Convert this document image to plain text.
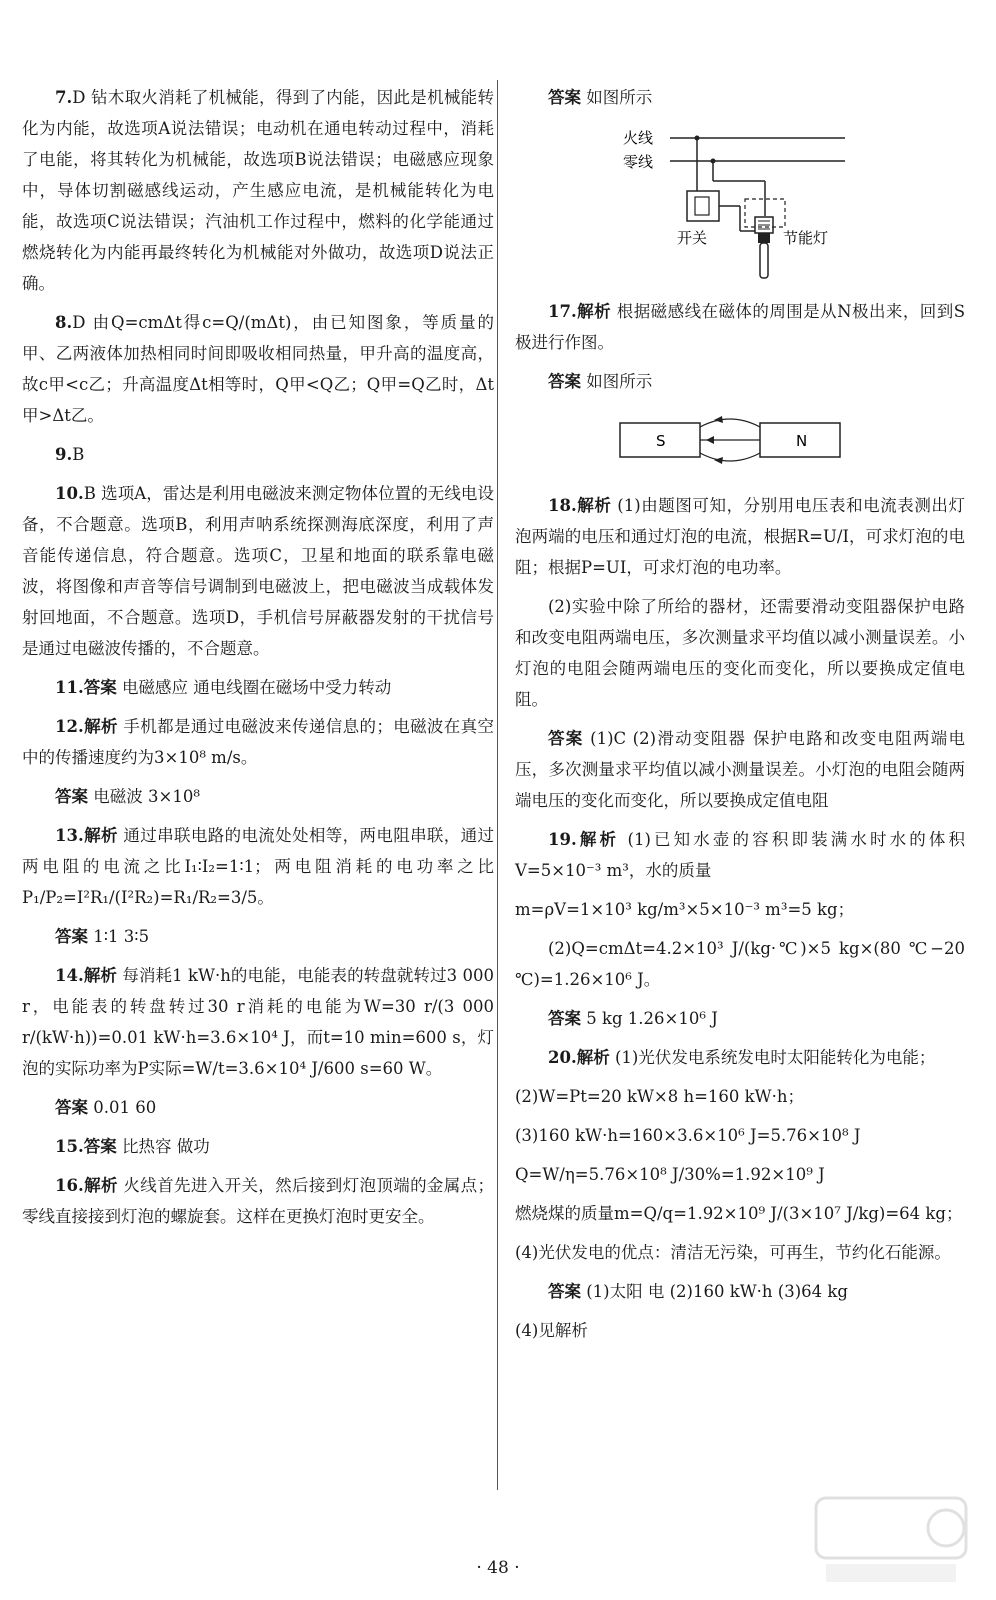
7.D 钻木取火消耗了机械能，得到了内能，因此是机械能转化为内能，故选项A说法错误；电动机在通电转动过程中，消耗了电能，将其转化为机械能，故选项B说法错误；电磁感应现象中，导体切割磁感线运动，产生感应电流，是机械能转化为电能，故选项C说法错误；汽油机工作过程中，燃料的化学能通过燃烧转化为内能再最终转化为机械能对外做功，故选项D说法正确。

8.D 由Q=cmΔt得c=Q/(mΔt)，由已知图象，等质量的甲、乙两液体加热相同时间即吸收相同热量，甲升高的温度高，故c甲<c乙；升高温度Δt相等时，Q甲<Q乙；Q甲=Q乙时，Δt甲>Δt乙。

9.B

10.B 选项A，雷达是利用电磁波来测定物体位置的无线电设备，不合题意。选项B，利用声呐系统探测海底深度，利用了声音能传递信息，符合题意。选项C，卫星和地面的联系靠电磁波，将图像和声音等信号调制到电磁波上，把电磁波当成载体发射回地面，不合题意。选项D，手机信号屏蔽器发射的干扰信号是通过电磁波传播的，不合题意。

11.答案 电磁感应 通电线圈在磁场中受力转动

12.解析 手机都是通过电磁波来传递信息的；电磁波在真空中的传播速度约为3×10⁸ m/s。

答案 电磁波 3×10⁸

13.解析 通过串联电路的电流处处相等，两电阻串联，通过两电阻的电流之比I₁∶I₂=1∶1；两电阻消耗的电功率之比P₁/P₂=I²R₁/(I²R₂)=R₁/R₂=3/5。

答案 1∶1 3∶5

14.解析 每消耗1 kW·h的电能，电能表的转盘就转过3 000 r，电能表的转盘转过30 r消耗的电能为W=30 r/(3 000 r/(kW·h))=0.01 kW·h=3.6×10⁴ J，而t=10 min=600 s，灯泡的实际功率为P实际=W/t=3.6×10⁴ J/600 s=60 W。

答案 0.01 60

15.答案 比热容 做功

16.解析 火线首先进入开关，然后接到灯泡顶端的金属点；零线直接接到灯泡的螺旋套。这样在更换灯泡时更安全。

答案 如图所示

火线
零线
开关	节能灯

17.解析 根据磁感线在磁体的周围是从N极出来，回到S极进行作图。

答案 如图所示

S	N

18.解析 (1)由题图可知，分别用电压表和电流表测出灯泡两端的电压和通过灯泡的电流，根据R=U/I，可求灯泡的电阻；根据P=UI，可求灯泡的电功率。

(2)实验中除了所给的器材，还需要滑动变阻器保护电路和改变电阻两端电压，多次测量求平均值以减小测量误差。小灯泡的电阻会随两端电压的变化而变化，所以要换成定值电阻。

答案 (1)C (2)滑动变阻器 保护电路和改变电阻两端电压，多次测量求平均值以减小测量误差。小灯泡的电阻会随两端电压的变化而变化，所以要换成定值电阻

19.解析 (1)已知水壶的容积即装满水时水的体积V=5×10⁻³ m³，水的质量

m=ρV=1×10³ kg/m³×5×10⁻³ m³=5 kg；

(2)Q=cmΔt=4.2×10³ J/(kg·℃)×5 kg×(80 ℃−20 ℃)=1.26×10⁶ J。

答案 5 kg 1.26×10⁶ J

20.解析 (1)光伏发电系统发电时太阳能转化为电能；

(2)W=Pt=20 kW×8 h=160 kW·h；

(3)160 kW·h=160×3.6×10⁶ J=5.76×10⁸ J

Q=W/η=5.76×10⁸ J/30%=1.92×10⁹ J

燃烧煤的质量m=Q/q=1.92×10⁹ J/(3×10⁷ J/kg)=64 kg；

(4)光伏发电的优点：清洁无污染，可再生，节约化石能源。

答案 (1)太阳 电 (2)160 kW·h (3)64 kg

(4)见解析

· 48 ·
